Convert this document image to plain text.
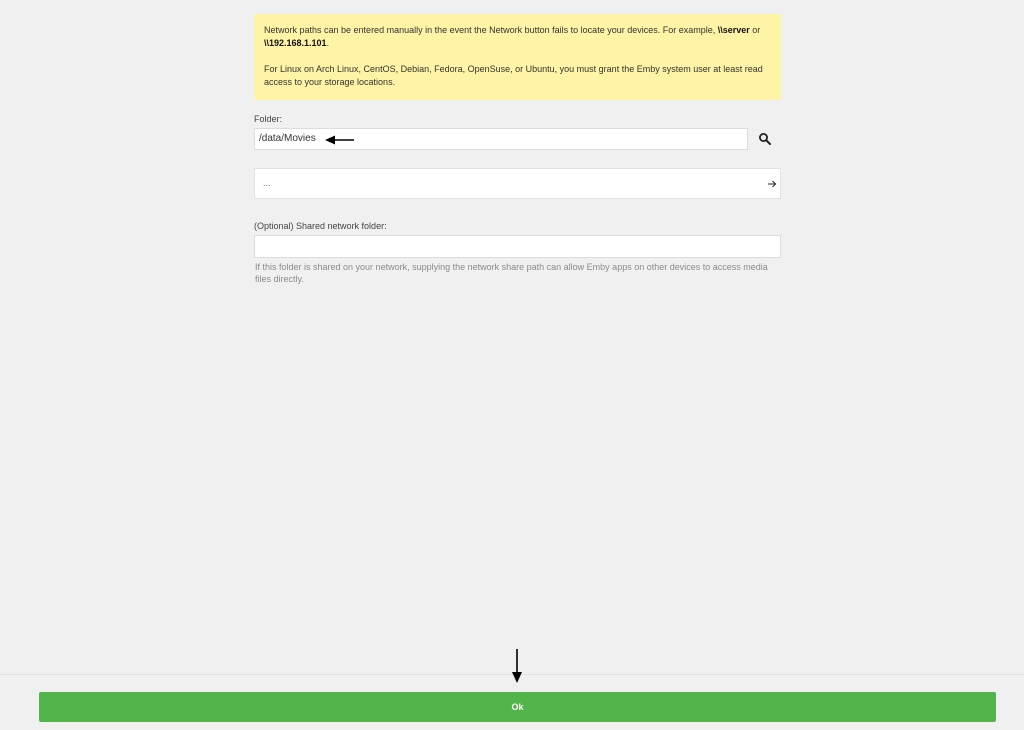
Network paths can be entered manually in the event the Network button fails to locate your devices. For example, \\server or \\192.168.1.101.

For Linux on Arch Linux, CentOS, Debian, Fedora, OpenSuse, or Ubuntu, you must grant the Emby system user at least read access to your storage locations.

Folder:
/data/Movies
...
(Optional) Shared network folder:

If this folder is shared on your network, supplying the network share path can allow Emby apps on other devices to access media files directly.

Ok
